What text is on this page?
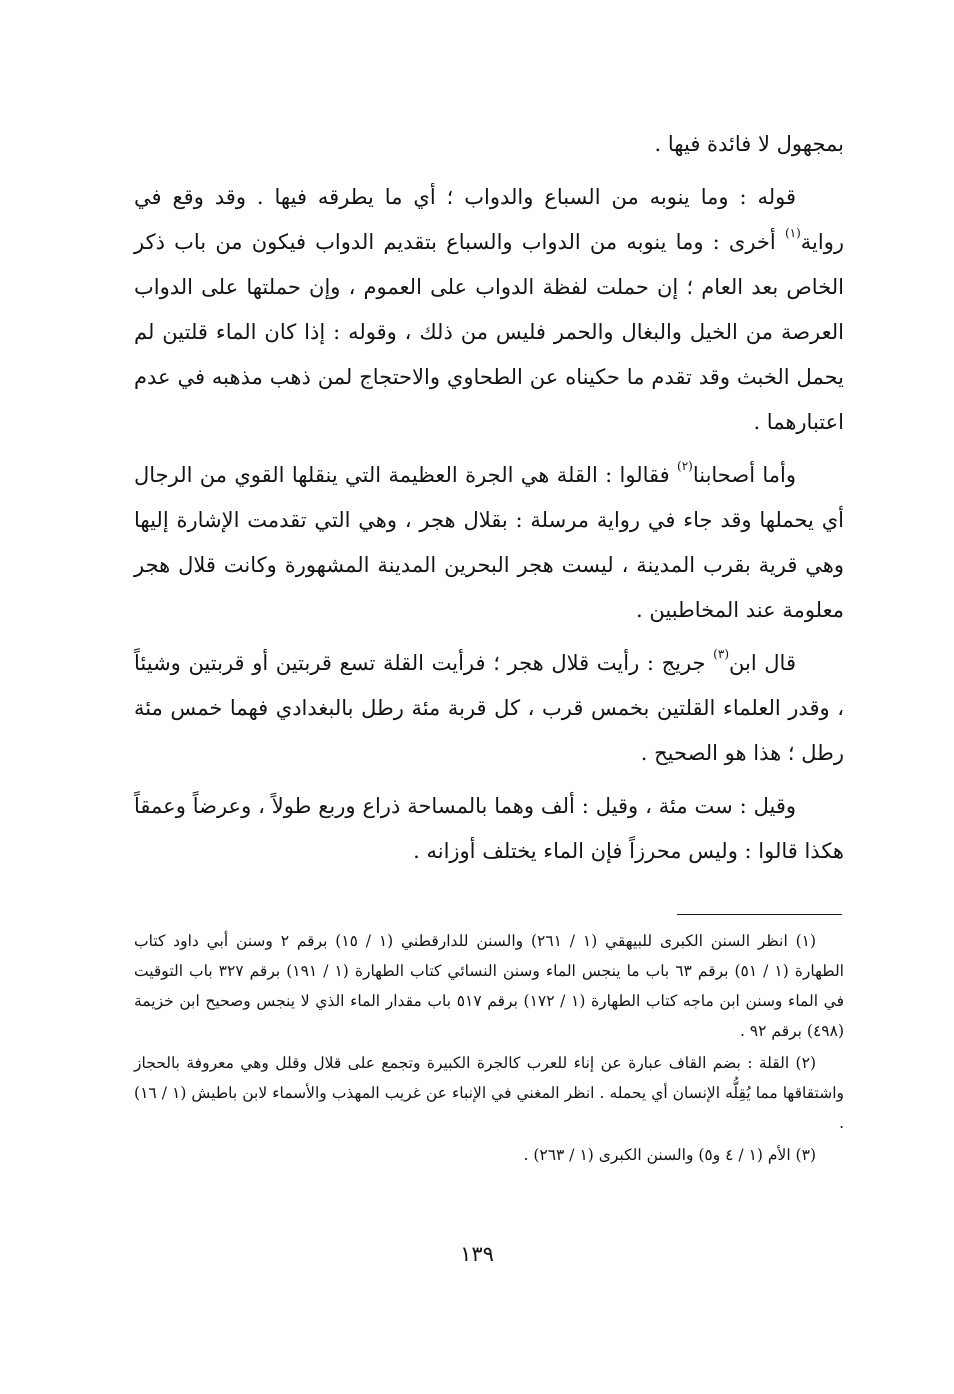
بمجهول لا فائدة فيها .

قوله : وما ينوبه من السباع والدواب ؛ أي ما يطرقه فيها . وقد وقع في رواية$^{(١)}$ أخرى : وما ينوبه من الدواب والسباع بتقديم الدواب فيكون من باب ذكر الخاص بعد العام ؛ إن حملت لفظة الدواب على العموم ، وإن حملتها على الدواب العرصة من الخيل والبغال والحمر فليس من ذلك ، وقوله : إذا كان الماء قلتين لم يحمل الخبث وقد تقدم ما حكيناه عن الطحاوي والاحتجاج لمن ذهب مذهبه في عدم اعتبارهما .

وأما أصحابنا$^{(٢)}$ فقالوا : القلة هي الجرة العظيمة التي ينقلها القوي من الرجال أي يحملها وقد جاء في رواية مرسلة : بقلال هجر ، وهي التي تقدمت الإشارة إليها وهي قرية بقرب المدينة ، ليست هجر البحرين المدينة المشهورة وكانت قلال هجر معلومة عند المخاطبين .

قال ابن$^{(٣)}$ جريج : رأيت قلال هجر ؛ فرأيت القلة تسع قربتين أو قربتين وشيئاً ، وقدر العلماء القلتين بخمس قرب ، كل قربة مئة رطل بالبغدادي فهما خمس مئة رطل ؛ هذا هو الصحيح .

وقيل : ست مئة ، وقيل : ألف وهما بالمساحة ذراع وربع طولاً ، وعرضاً وعمقاً هكذا قالوا : وليس محرزاً فإن الماء يختلف أوزانه .

(١) انظر السنن الكبرى للبيهقي (١ / ٢٦١) والسنن للدارقطني (١ / ١٥) برقم ٢ وسنن أبي داود كتاب الطهارة (١ / ٥١) برقم ٦٣ باب ما ينجس الماء وسنن النسائي كتاب الطهارة (١ / ١٩١) برقم ٣٢٧ باب التوقيت في الماء وسنن ابن ماجه كتاب الطهارة (١ / ١٧٢) برقم ٥١٧ باب مقدار الماء الذي لا ينجس وصحيح ابن خزيمة (٤٩٨) برقم ٩٢ .

(٢) القلة : بضم القاف عبارة عن إناء للعرب كالجرة الكبيرة وتجمع على قلال وقلل وهي معروفة بالحجاز واشتقاقها مما يُقِلُّه الإنسان أي يحمله . انظر المغني في الإنباء عن غريب المهذب والأسماء لابن باطيش (١ / ١٦) .

(٣) الأم (١ / ٤ و٥) والسنن الكبرى (١ / ٢٦٣) .

١٣٩
